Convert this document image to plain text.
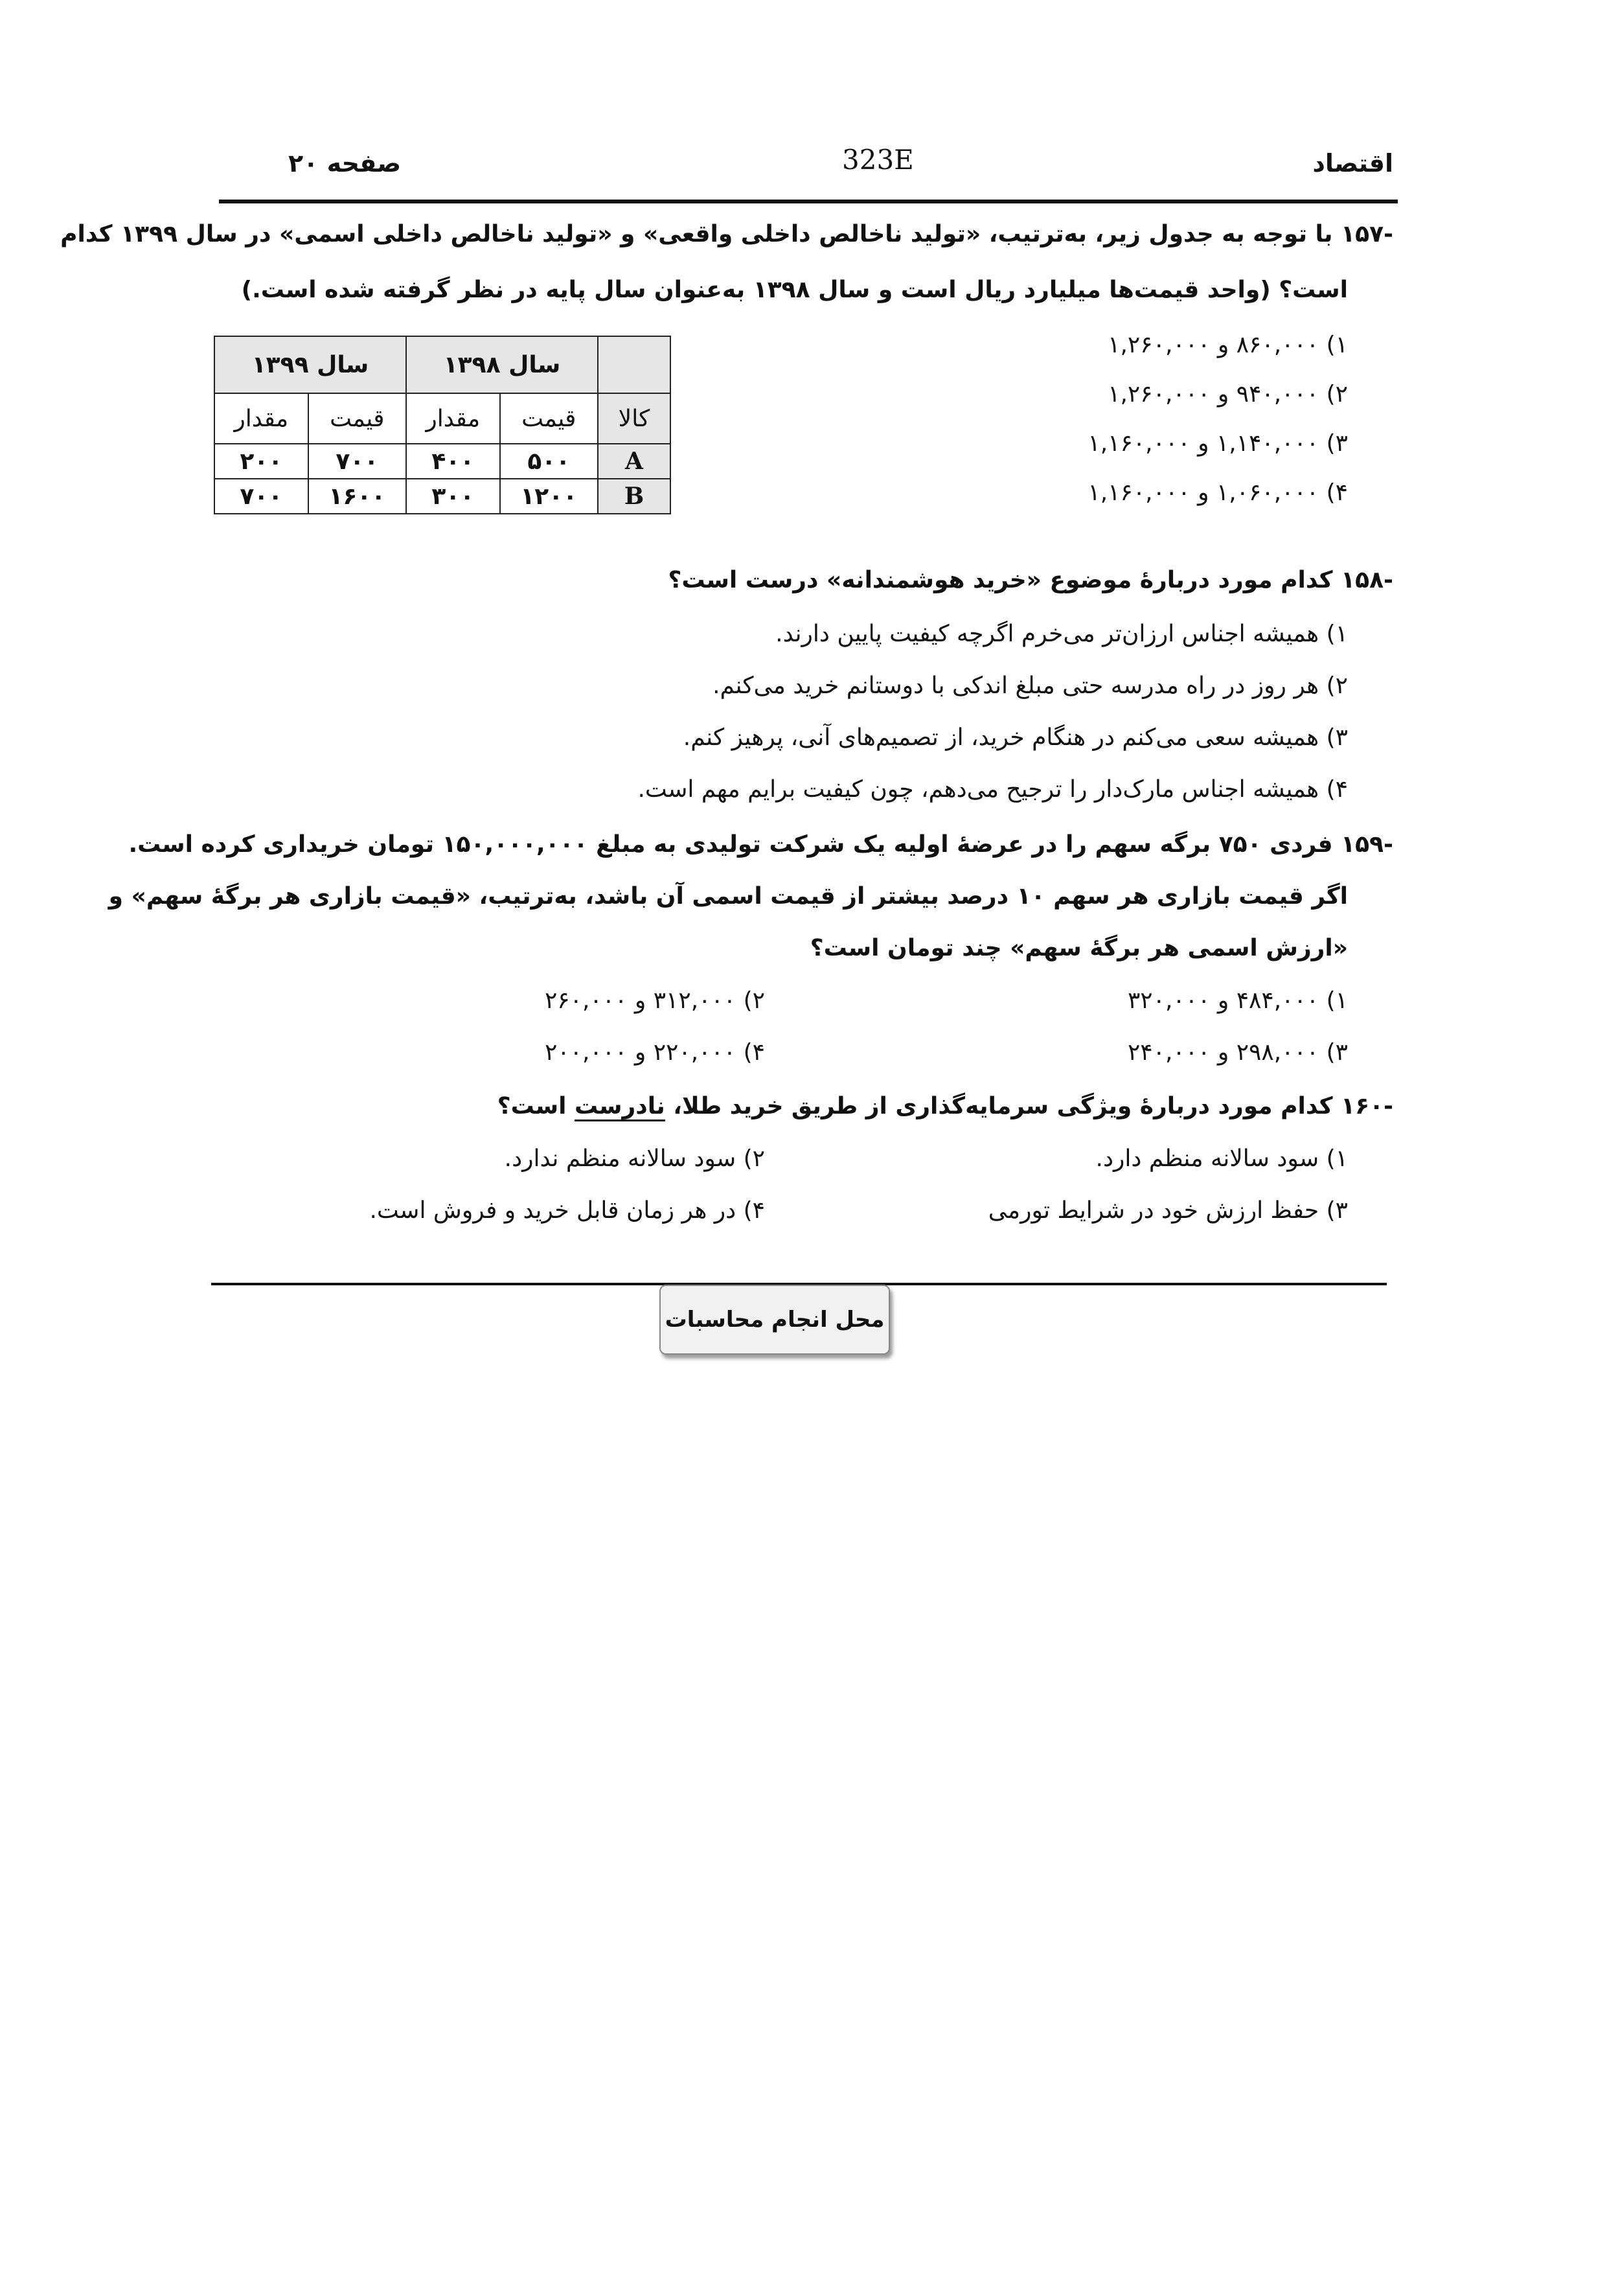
اقتصاد
323E
صفحه ۲۰
-۱۵۷ با توجه به جدول زیر، به‌ترتیب، «تولید ناخالص داخلی واقعی» و «تولید ناخالص داخلی اسمی» در سال ۱۳۹۹ کدام
است؟ (واحد قیمت‌ها میلیارد ریال است و سال ۱۳۹۸ به‌عنوان سال پایه در نظر گرفته شده است.)
۱) ۸۶۰,۰۰۰ و ۱,۲۶۰,۰۰۰
۲) ۹۴۰,۰۰۰ و ۱,۲۶۰,۰۰۰
۳) ۱,۱۴۰,۰۰۰ و ۱,۱۶۰,۰۰۰
۴) ۱,۰۶۰,۰۰۰ و ۱,۱۶۰,۰۰۰
	سال ۱۳۹۸		سال ۱۳۹۹	
کالا	قیمت	مقدار	قیمت	مقدار
A	۵۰۰	۴۰۰	۷۰۰	۲۰۰
B	۱۲۰۰	۳۰۰	۱۶۰۰	۷۰۰
-۱۵۸ کدام مورد دربارهٔ موضوع «خرید هوشمندانه» درست است؟
۱) همیشه اجناس ارزان‌تر می‌خرم اگرچه کیفیت پایین دارند.
۲) هر روز در راه مدرسه حتی مبلغ اندکی با دوستانم خرید می‌کنم.
۳) همیشه سعی می‌کنم در هنگام خرید، از تصمیم‌های آنی، پرهیز کنم.
۴) همیشه اجناس مارک‌دار را ترجیح می‌دهم، چون کیفیت برایم مهم است.
-۱۵۹ فردی ۷۵۰ برگه سهم را در عرضهٔ اولیه یک شرکت تولیدی به مبلغ ۱۵۰,۰۰۰,۰۰۰ تومان خریداری کرده است.
اگر قیمت بازاری هر سهم ۱۰ درصد بیشتر از قیمت اسمی آن باشد، به‌ترتیب، «قیمت بازاری هر برگهٔ سهم» و
«ارزش اسمی هر برگهٔ سهم» چند تومان است؟
۱) ۴۸۴,۰۰۰ و ۳۲۰,۰۰۰
۲) ۳۱۲,۰۰۰ و ۲۶۰,۰۰۰
۳) ۲۹۸,۰۰۰ و ۲۴۰,۰۰۰
۴) ۲۲۰,۰۰۰ و ۲۰۰,۰۰۰
-۱۶۰ کدام مورد دربارهٔ ویژگی سرمایه‌گذاری از طریق خرید طلا، نادرست است؟
۱) سود سالانه منظم دارد.
۲) سود سالانه منظم ندارد.
۳) حفظ ارزش خود در شرایط تورمی
۴) در هر زمان قابل خرید و فروش است.
محل انجام محاسبات
